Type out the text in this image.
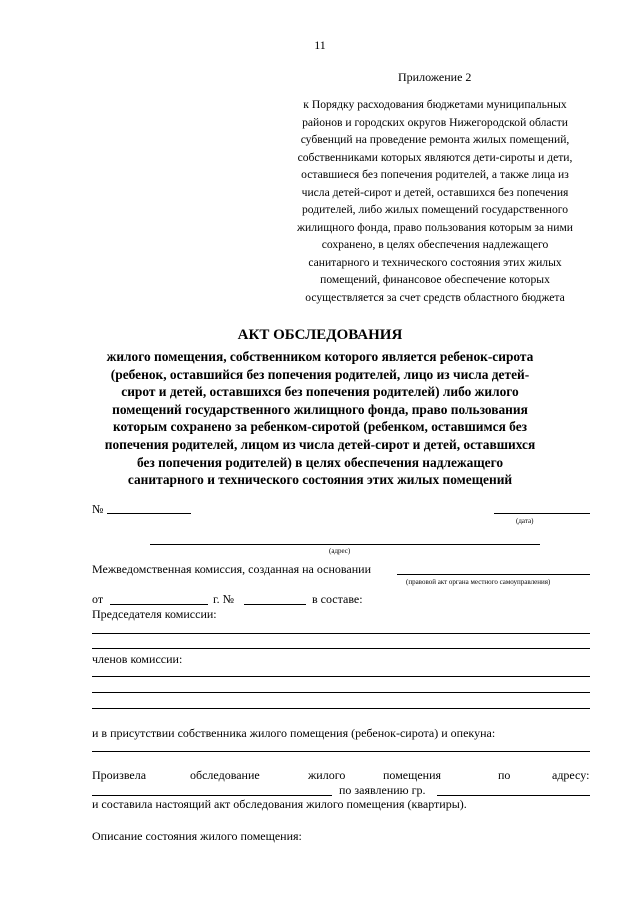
11
Приложение 2
к Порядку расходования бюджетами муниципальных
районов и городских округов Нижегородской области
субвенций на проведение ремонта жилых помещений,
собственниками которых являются дети-сироты и дети,
оставшиеся без попечения родителей, а также лица из
числа детей-сирот и детей, оставшихся без попечения
родителей, либо жилых помещений государственного
жилищного фонда, право пользования которым за ними
сохранено, в целях обеспечения надлежащего
санитарного и технического состояния этих жилых
помещений, финансовое обеспечение которых
осуществляется за счет средств областного бюджета
АКТ ОБСЛЕДОВАНИЯ
жилого помещения, собственником которого является ребенок-сирота
(ребенок, оставшийся без попечения родителей, лицо из числа детей-
сирот и детей, оставшихся без попечения родителей) либо жилого
помещений государственного жилищного фонда, право пользования
которым сохранено за ребенком-сиротой (ребенком, оставшимся без
попечения родителей, лицом из числа детей-сирот и детей, оставшихся
без попечения родителей) в целях обеспечения надлежащего
санитарного и технического состояния этих жилых помещений
№
(дата)
(адрес)
Межведомственная комиссия, созданная на основании
(правовой акт органа местного самоуправления)
от	г. №	в составе:
Председателя комиссии:
членов комиссии:
и в присутствии собственника жилого помещения (ребенок-сирота) и опекуна:
Произвела	обследование	жилого	помещения	по	адресу:
по заявлению гр.
и составила настоящий акт обследования жилого помещения (квартиры).
Описание состояния жилого помещения:
